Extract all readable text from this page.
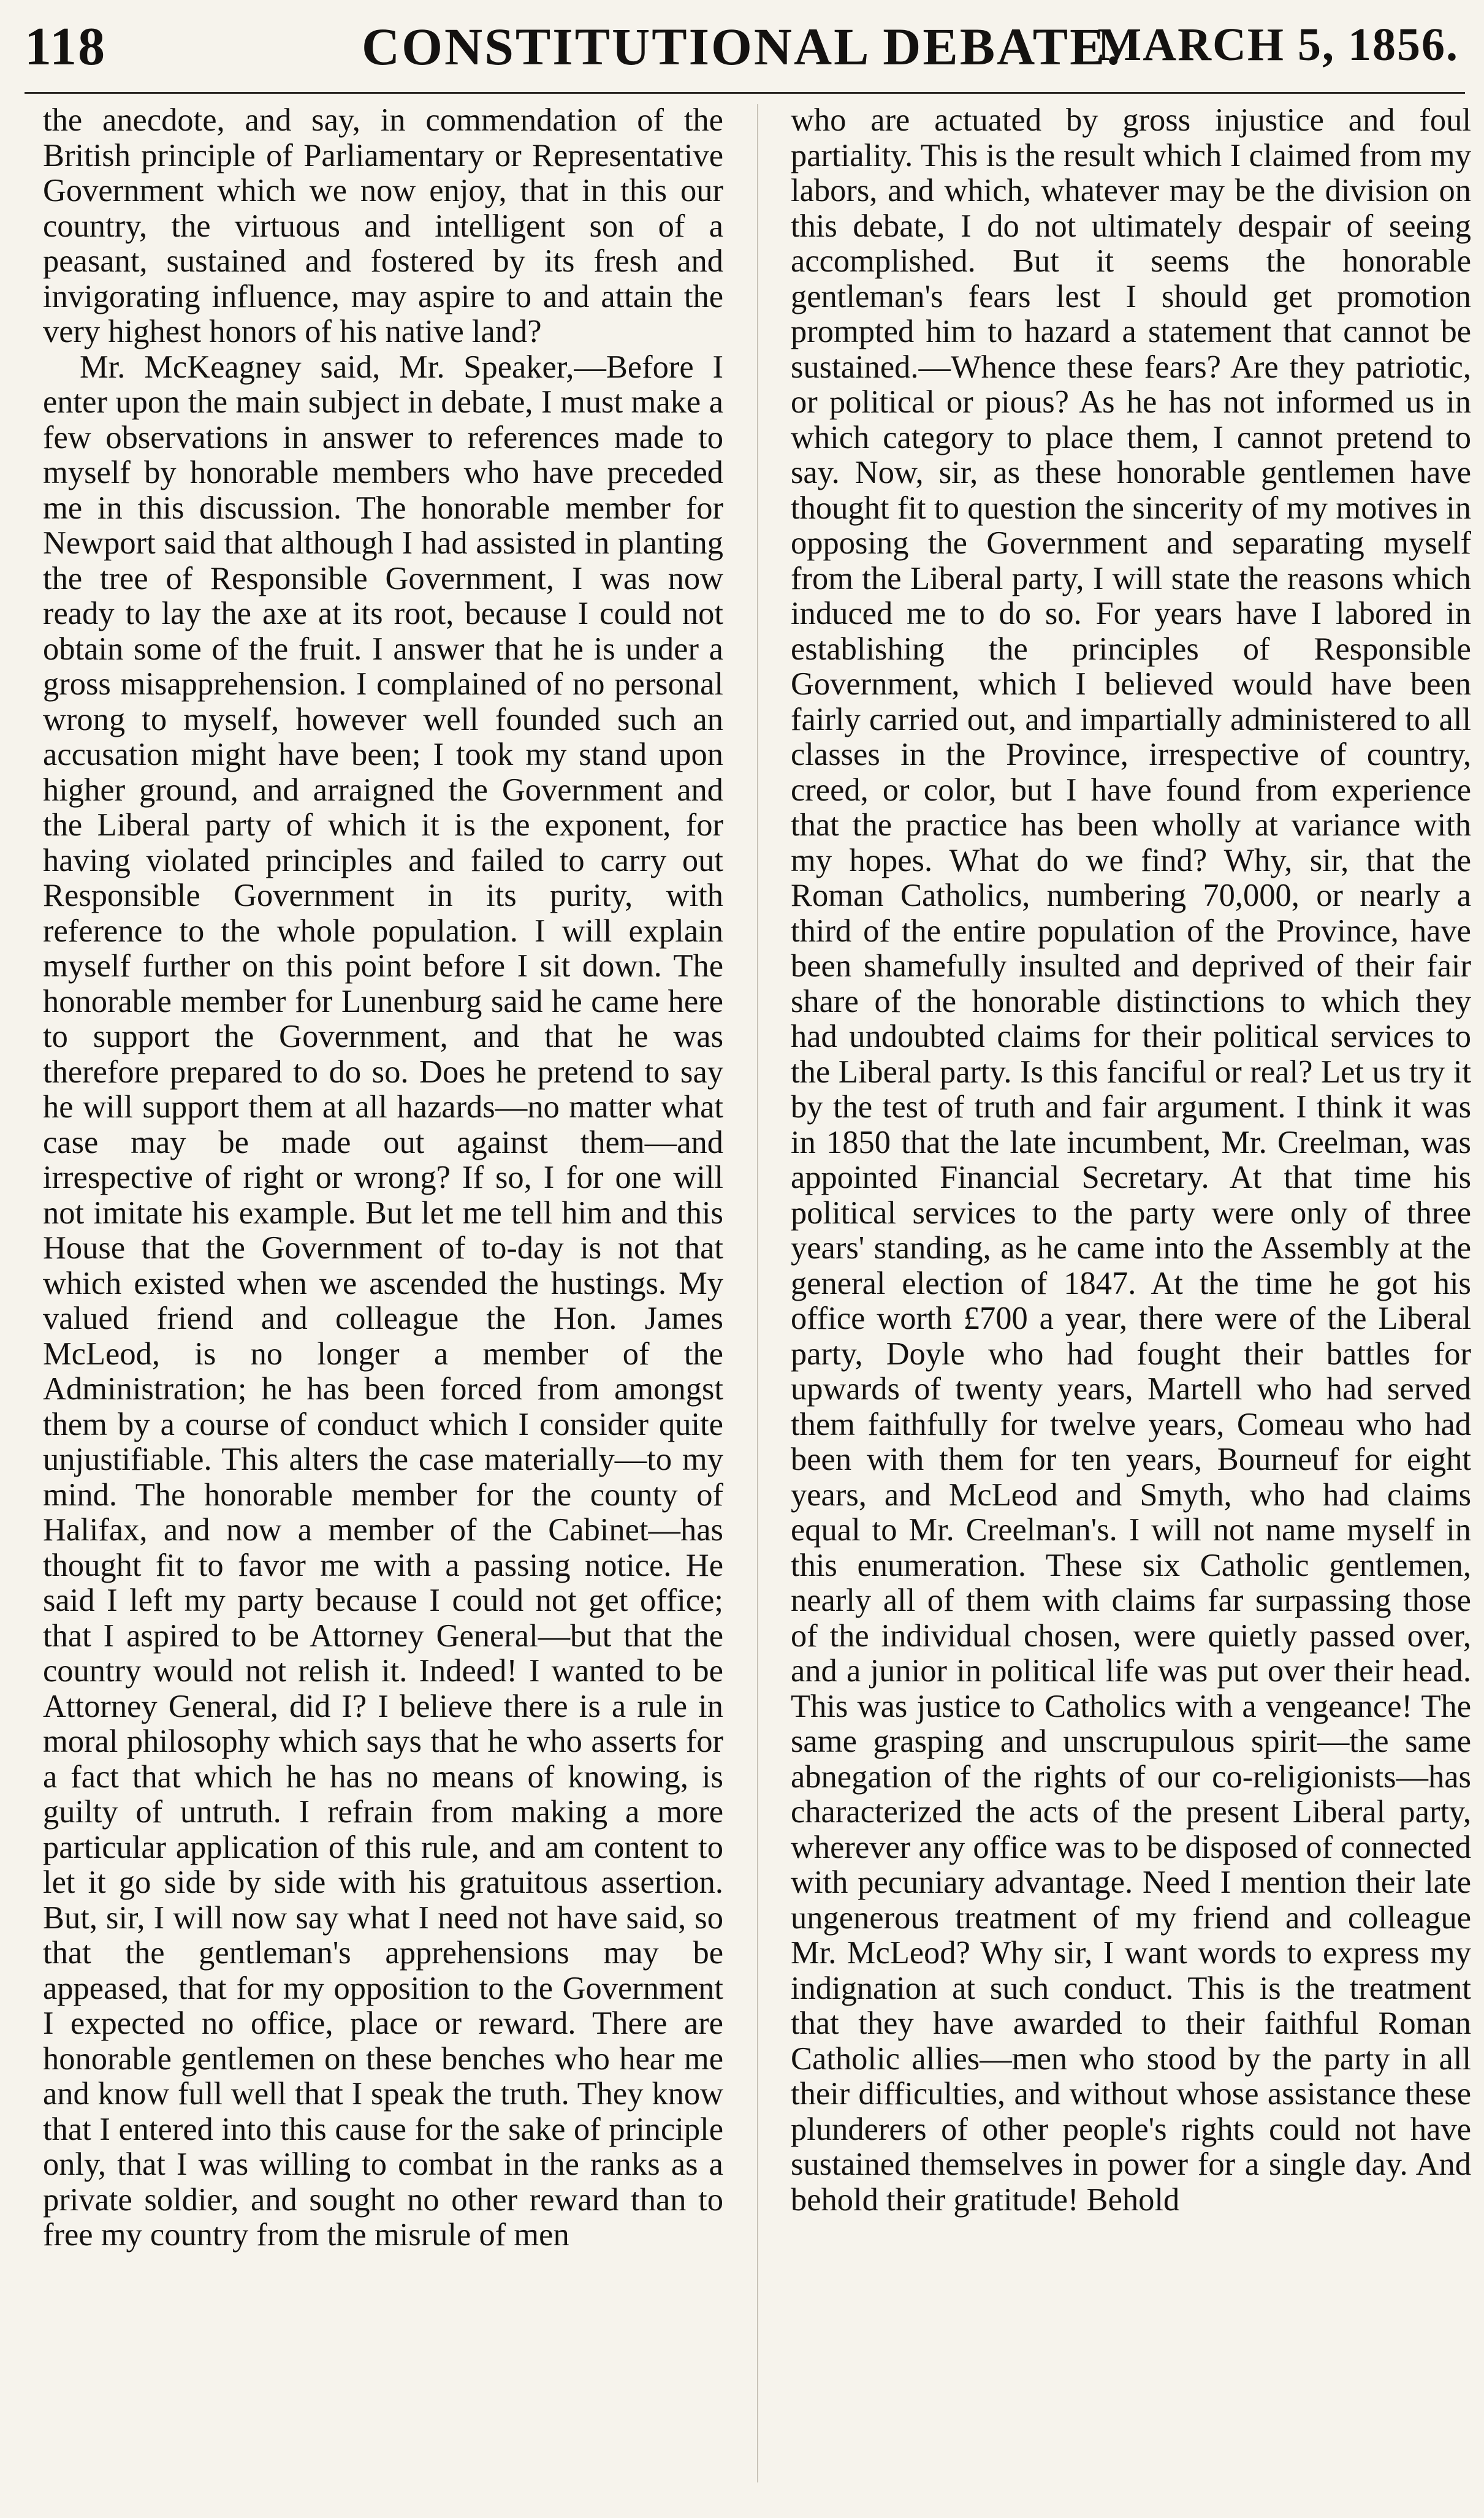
118	CONSTITUTIONAL DEBATE.
MARCH 5, 1856.

the anecdote, and say, in commendation of the British principle of Parliamentary or Representative Government which we now enjoy, that in this our country, the virtuous and intelligent son of a peasant, sustained and fostered by its fresh and invigorating influence, may aspire to and attain the very highest honors of his native land?

Mr. McKeagney said, Mr. Speaker,—Before I enter upon the main subject in debate, I must make a few observations in answer to references made to myself by honorable members who have preceded me in this discussion. The honorable member for Newport said that although I had assisted in planting the tree of Responsible Government, I was now ready to lay the axe at its root, because I could not obtain some of the fruit. I answer that he is under a gross misapprehension. I complained of no personal wrong to myself, however well founded such an accusation might have been; I took my stand upon higher ground, and arraigned the Government and the Liberal party of which it is the exponent, for having violated principles and failed to carry out Responsible Government in its purity, with reference to the whole population. I will explain myself further on this point before I sit down. The honorable member for Lunenburg said he came here to support the Government, and that he was therefore prepared to do so. Does he pretend to say he will support them at all hazards—no matter what case may be made out against them—and irrespective of right or wrong? If so, I for one will not imitate his example. But let me tell him and this House that the Government of to-day is not that which existed when we ascended the hustings. My valued friend and colleague the Hon. James McLeod, is no longer a member of the Administration; he has been forced from amongst them by a course of conduct which I consider quite unjustifiable. This alters the case materially—to my mind. The honorable member for the county of Halifax, and now a member of the Cabinet—has thought fit to favor me with a passing notice. He said I left my party because I could not get office; that I aspired to be Attorney General—but that the country would not relish it. Indeed! I wanted to be Attorney General, did I? I believe there is a rule in moral philosophy which says that he who asserts for a fact that which he has no means of knowing, is guilty of untruth. I refrain from making a more particular application of this rule, and am content to let it go side by side with his gratuitous assertion. But, sir, I will now say what I need not have said, so that the gentleman's apprehensions may be appeased, that for my opposition to the Government I expected no office, place or reward. There are honorable gentlemen on these benches who hear me and know full well that I speak the truth. They know that I entered into this cause for the sake of principle only, that I was willing to combat in the ranks as a private soldier, and sought no other reward than to free my country from the misrule of men

who are actuated by gross injustice and foul partiality. This is the result which I claimed from my labors, and which, whatever may be the division on this debate, I do not ultimately despair of seeing accomplished. But it seems the honorable gentleman's fears lest I should get promotion prompted him to hazard a statement that cannot be sustained.—Whence these fears? Are they patriotic, or political or pious? As he has not informed us in which category to place them, I cannot pretend to say. Now, sir, as these honorable gentlemen have thought fit to question the sincerity of my motives in opposing the Government and separating myself from the Liberal party, I will state the reasons which induced me to do so. For years have I labored in establishing the principles of Responsible Government, which I believed would have been fairly carried out, and impartially administered to all classes in the Province, irrespective of country, creed, or color, but I have found from experience that the practice has been wholly at variance with my hopes. What do we find? Why, sir, that the Roman Catholics, numbering 70,000, or nearly a third of the entire population of the Province, have been shamefully insulted and deprived of their fair share of the honorable distinctions to which they had undoubted claims for their political services to the Liberal party. Is this fanciful or real? Let us try it by the test of truth and fair argument. I think it was in 1850 that the late incumbent, Mr. Creelman, was appointed Financial Secretary. At that time his political services to the party were only of three years' standing, as he came into the Assembly at the general election of 1847. At the time he got his office worth £700 a year, there were of the Liberal party, Doyle who had fought their battles for upwards of twenty years, Martell who had served them faithfully for twelve years, Comeau who had been with them for ten years, Bourneuf for eight years, and McLeod and Smyth, who had claims equal to Mr. Creelman's. I will not name myself in this enumeration. These six Catholic gentlemen, nearly all of them with claims far surpassing those of the individual chosen, were quietly passed over, and a junior in political life was put over their head. This was justice to Catholics with a vengeance! The same grasping and unscrupulous spirit—the same abnegation of the rights of our co-religionists—has characterized the acts of the present Liberal party, wherever any office was to be disposed of connected with pecuniary advantage. Need I mention their late ungenerous treatment of my friend and colleague Mr. McLeod? Why sir, I want words to express my indignation at such conduct. This is the treatment that they have awarded to their faithful Roman Catholic allies—men who stood by the party in all their difficulties, and without whose assistance these plunderers of other people's rights could not have sustained themselves in power for a single day. And behold their gratitude! Behold
